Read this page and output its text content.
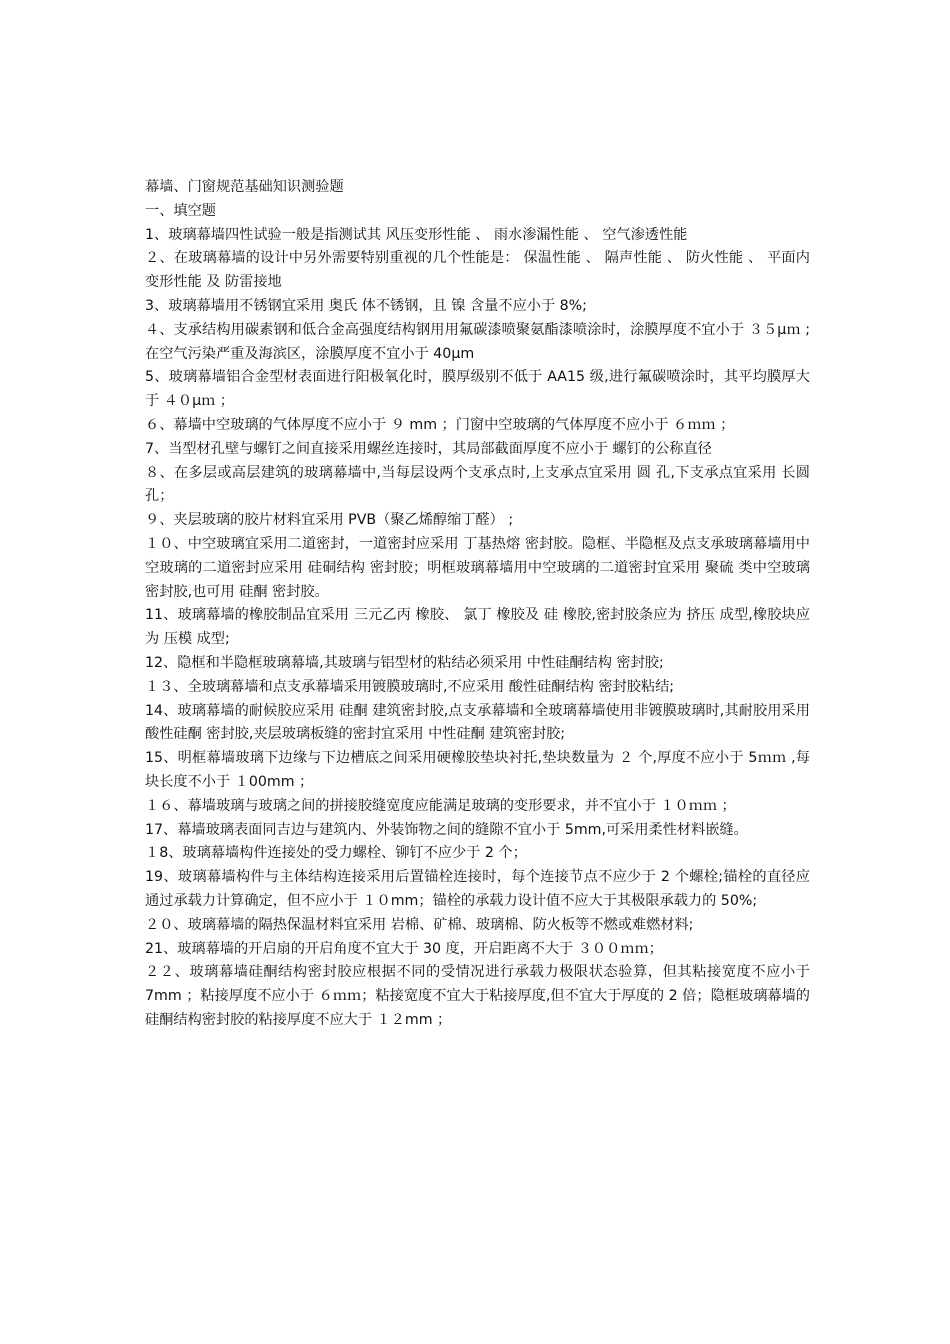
幕墙、门窗规范基础知识测验题

一、填空题

1、玻璃幕墙四性试验一般是指测试其 风压变形性能 、 雨水渗漏性能 、 空气渗透性能

２、在玻璃幕墙的设计中另外需要特别重视的几个性能是： 保温性能 、 隔声性能 、 防火性能 、 平面内变形性能 及 防雷接地

3、玻璃幕墙用不锈钢宜采用 奥氏 体不锈钢，且 镍 含量不应小于 8%;

４、支承结构用碳素钢和低合金高强度结构钢用用氟碳漆喷聚氨酯漆喷涂时，涂膜厚度不宜小于 ３５μｍ ;在空气污染严重及海滨区，涂膜厚度不宜小于 40μm

5、玻璃幕墙铝合金型材表面进行阳极氧化时，膜厚级别不低于 AA15 级,进行氟碳喷涂时，其平均膜厚大于 ４０μｍ ；

６、幕墙中空玻璃的气体厚度不应小于 ９ mm ；门窗中空玻璃的气体厚度不应小于 ６ｍｍ ；

7、当型材孔壁与螺钉之间直接采用螺丝连接时，其局部截面厚度不应小于 螺钉的公称直径

８、在多层或高层建筑的玻璃幕墙中,当每层设两个支承点时,上支承点宜采用 圆 孔,下支承点宜采用 长圆 孔；

９、夹层玻璃的胶片材料宜采用 PVB（聚乙烯醇缩丁醛） ;

１０、中空玻璃宜采用二道密封，一道密封应采用 丁基热熔 密封胶。隐框、半隐框及点支承玻璃幕墙用中空玻璃的二道密封应采用 硅硐结构 密封胶；明框玻璃幕墙用中空玻璃的二道密封宜采用 聚硫 类中空玻璃密封胶,也可用 硅酮 密封胶。

11、玻璃幕墙的橡胶制品宜采用 三元乙丙 橡胶、 氯丁 橡胶及 硅 橡胶,密封胶条应为 挤压 成型,橡胶块应为 压模 成型;

12、隐框和半隐框玻璃幕墙,其玻璃与铝型材的粘结必须采用 中性硅酮结构 密封胶;

１３、全玻璃幕墙和点支承幕墙采用镀膜玻璃时,不应采用 酸性硅酮结构 密封胶粘结;

14、玻璃幕墙的耐候胶应采用 硅酮 建筑密封胶,点支承幕墙和全玻璃幕墙使用非镀膜玻璃时,其耐胶用采用 酸性硅酮 密封胶,夹层玻璃板缝的密封宜采用 中性硅酮 建筑密封胶;

15、明框幕墙玻璃下边缘与下边槽底之间采用硬橡胶垫块衬托,垫块数量为 ２ 个,厚度不应小于 5ｍｍ ,每块长度不小于 １00mm ；

１６、幕墙玻璃与玻璃之间的拼接胶缝宽度应能满足玻璃的变形要求，并不宜小于 １０ｍｍ ；

17、幕墙玻璃表面同吉边与建筑内、外装饰物之间的缝隙不宜小于 5mm,可采用柔性材料嵌缝。

１8、玻璃幕墙构件连接处的受力螺栓、铆钉不应少于 2 个；

19、玻璃幕墙构件与主体结构连接采用后置锚栓连接时，每个连接节点不应少于 2 个螺栓;锚栓的直径应通过承载力计算确定，但不应小于 １０mm；锚栓的承载力设计值不应大于其极限承载力的 50%;

２０、玻璃幕墙的隔热保温材料宜采用 岩棉、矿棉、玻璃棉、防火板等不燃或难燃材料;

21、玻璃幕墙的开启扇的开启角度不宜大于 30 度，开启距离不大于 ３００ｍｍ；

２２、玻璃幕墙硅酮结构密封胶应根据不同的受情况进行承载力极限状态验算，但其粘接宽度不应小于 7mm ；粘接厚度不应小于 ６ｍｍ；粘接宽度不宜大于粘接厚度,但不宜大于厚度的 2 倍；隐框玻璃幕墙的硅酮结构密封胶的粘接厚度不应大于 １２mm ；
